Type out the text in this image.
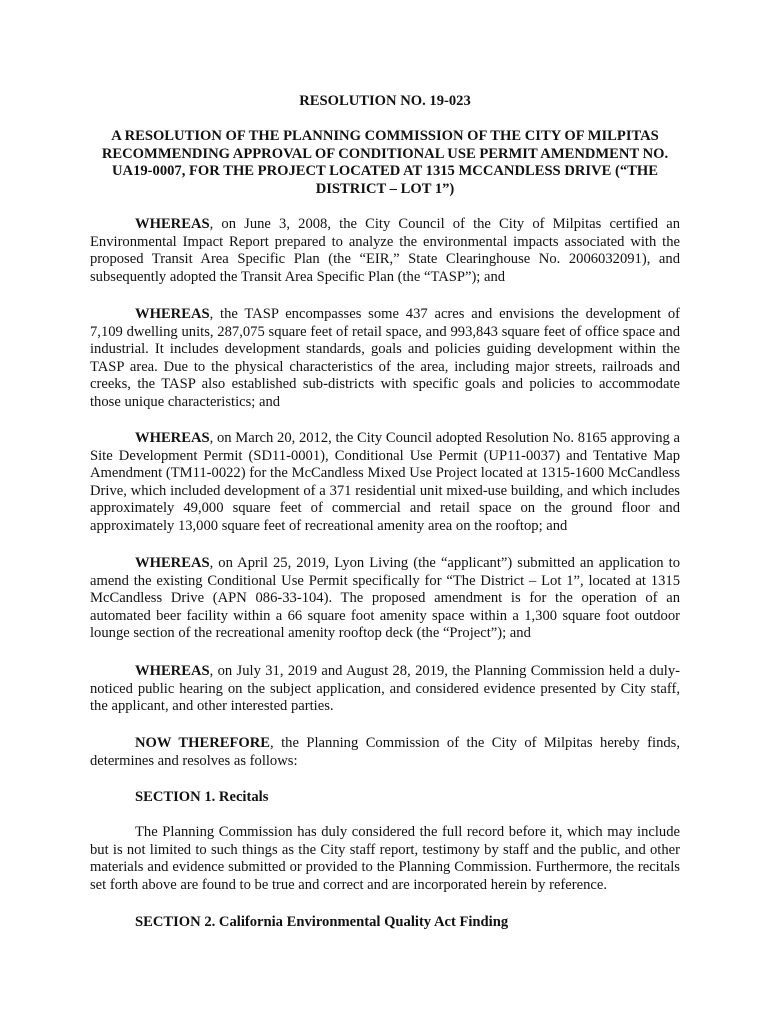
RESOLUTION NO. 19-023

A RESOLUTION OF THE PLANNING COMMISSION OF THE CITY OF MILPITAS RECOMMENDING APPROVAL OF CONDITIONAL USE PERMIT AMENDMENT NO. UA19-0007, FOR THE PROJECT LOCATED AT 1315 MCCANDLESS DRIVE (“THE DISTRICT – LOT 1”)

WHEREAS, on June 3, 2008, the City Council of the City of Milpitas certified an Environmental Impact Report prepared to analyze the environmental impacts associated with the proposed Transit Area Specific Plan (the “EIR,” State Clearinghouse No. 2006032091), and subsequently adopted the Transit Area Specific Plan (the “TASP”); and

WHEREAS, the TASP encompasses some 437 acres and envisions the development of 7,109 dwelling units, 287,075 square feet of retail space, and 993,843 square feet of office space and industrial. It includes development standards, goals and policies guiding development within the TASP area. Due to the physical characteristics of the area, including major streets, railroads and creeks, the TASP also established sub-districts with specific goals and policies to accommodate those unique characteristics; and

WHEREAS, on March 20, 2012, the City Council adopted Resolution No. 8165 approving a Site Development Permit (SD11-0001), Conditional Use Permit (UP11-0037) and Tentative Map Amendment (TM11-0022) for the McCandless Mixed Use Project located at 1315-1600 McCandless Drive, which included development of a 371 residential unit mixed-use building, and which includes approximately 49,000 square feet of commercial and retail space on the ground floor and approximately 13,000 square feet of recreational amenity area on the rooftop; and

WHEREAS, on April 25, 2019, Lyon Living (the “applicant”) submitted an application to amend the existing Conditional Use Permit specifically for “The District – Lot 1”, located at 1315 McCandless Drive (APN 086-33-104). The proposed amendment is for the operation of an automated beer facility within a 66 square foot amenity space within a 1,300 square foot outdoor lounge section of the recreational amenity rooftop deck (the “Project”); and

WHEREAS, on July 31, 2019 and August 28, 2019, the Planning Commission held a duly-noticed public hearing on the subject application, and considered evidence presented by City staff, the applicant, and other interested parties.

NOW THEREFORE, the Planning Commission of the City of Milpitas hereby finds, determines and resolves as follows:

SECTION 1. Recitals

The Planning Commission has duly considered the full record before it, which may include but is not limited to such things as the City staff report, testimony by staff and the public, and other materials and evidence submitted or provided to the Planning Commission. Furthermore, the recitals set forth above are found to be true and correct and are incorporated herein by reference.

SECTION 2. California Environmental Quality Act Finding
